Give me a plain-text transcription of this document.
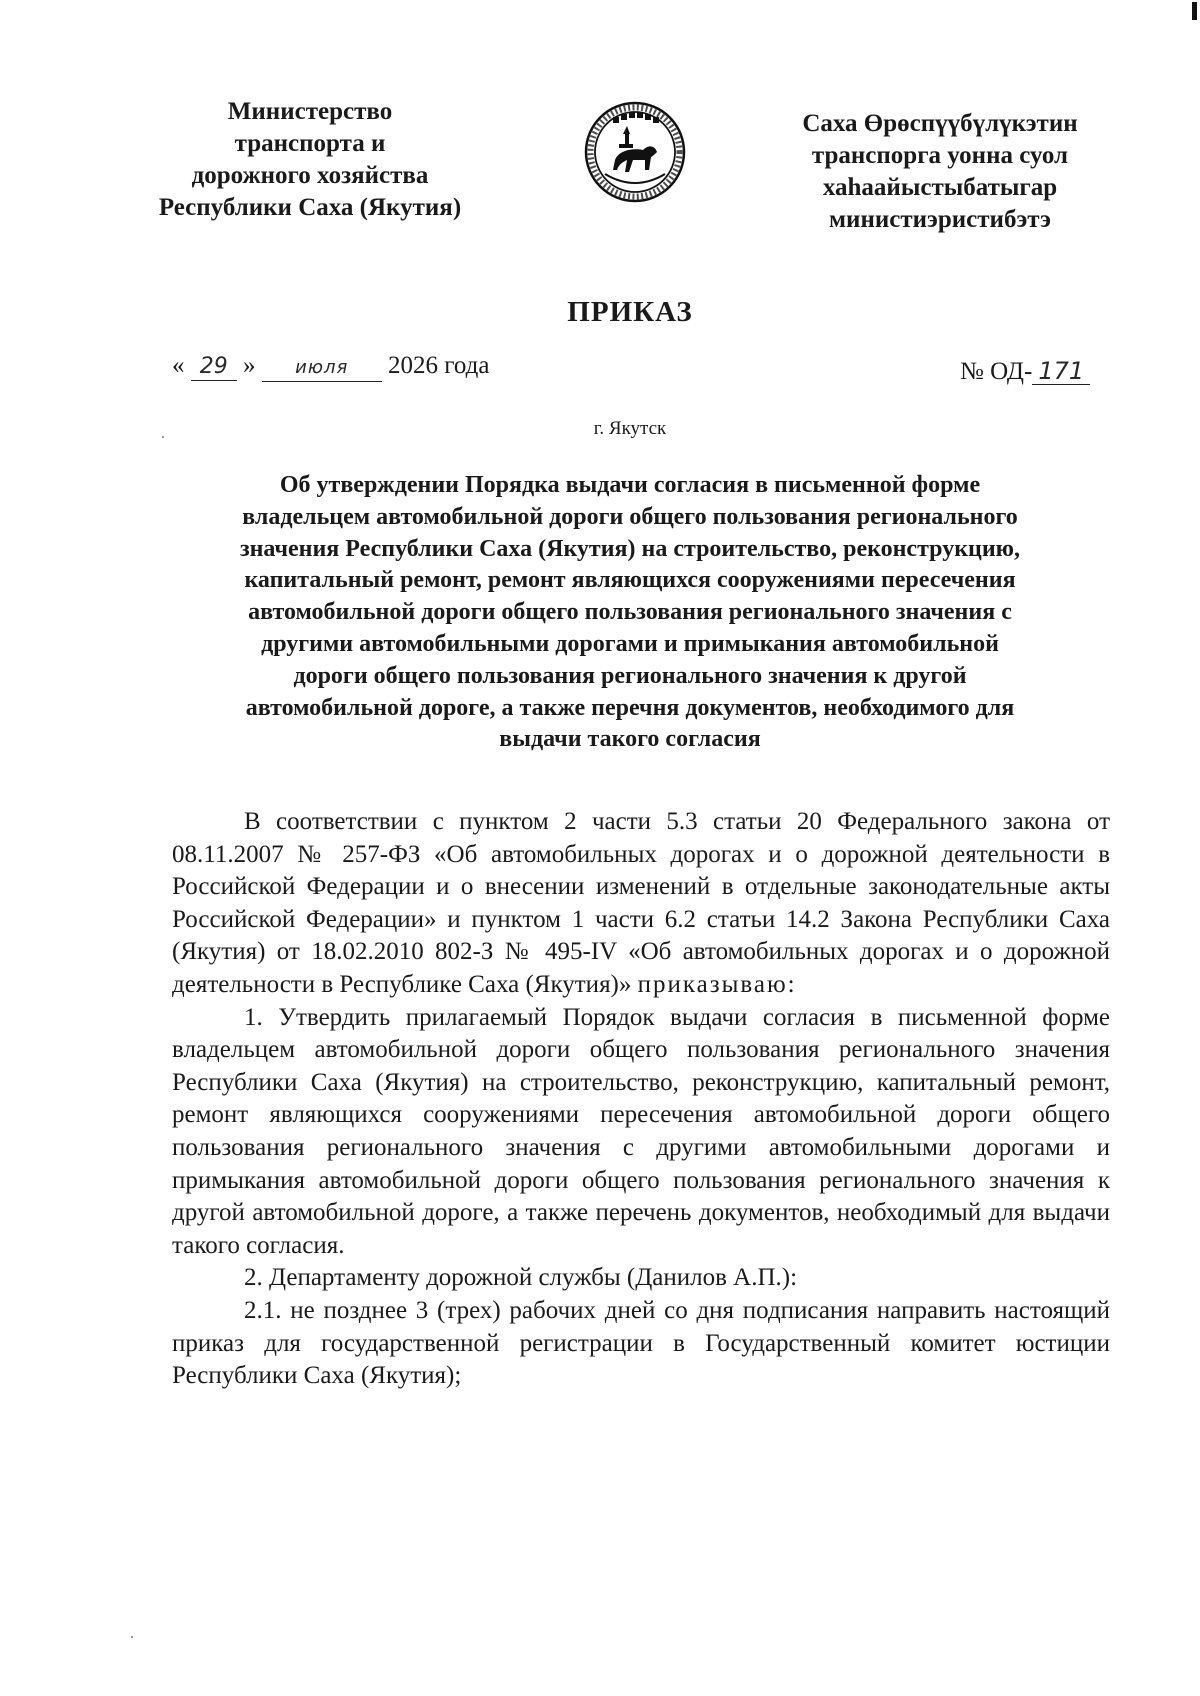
Министерство
транспорта и
дорожного хозяйства
Республики Саха (Якутия)
Саха Өрөспүүбүлүкэтин
транспорга уонна суол
хаһаайыстыбатыгар
министиэристибэтэ
ПРИКАЗ
« 29 » июля 2026 года	№ ОД- 171
г. Якутск
Об утверждении Порядка выдачи согласия в письменной форме
владельцем автомобильной дороги общего пользования регионального
значения Республики Саха (Якутия) на строительство, реконструкцию,
капитальный ремонт, ремонт являющихся сооружениями пересечения
автомобильной дороги общего пользования регионального значения с
другими автомобильными дорогами и примыкания автомобильной
дороги общего пользования регионального значения к другой
автомобильной дороге, а также перечня документов, необходимого для
выдачи такого согласия

В соответствии с пунктом 2 части 5.3 статьи 20 Федерального закона от 08.11.2007 № 257-ФЗ «Об автомобильных дорогах и о дорожной деятельности в Российской Федерации и о внесении изменений в отдельные законодательные акты Российской Федерации» и пунктом 1 части 6.2 статьи 14.2 Закона Республики Саха (Якутия) от 18.02.2010 802-З № 495-IV «Об автомобильных дорогах и о дорожной деятельности в Республике Саха (Якутия)» приказываю:

1. Утвердить прилагаемый Порядок выдачи согласия в письменной форме владельцем автомобильной дороги общего пользования регионального значения Республики Саха (Якутия) на строительство, реконструкцию, капитальный ремонт, ремонт являющихся сооружениями пересечения автомобильной дороги общего пользования регионального значения с другими автомобильными дорогами и примыкания автомобильной дороги общего пользования регионального значения к другой автомобильной дороге, а также перечень документов, необходимый для выдачи такого согласия.

2. Департаменту дорожной службы (Данилов А.П.):

2.1. не позднее 3 (трех) рабочих дней со дня подписания направить настоящий приказ для государственной регистрации в Государственный комитет юстиции Республики Саха (Якутия);
